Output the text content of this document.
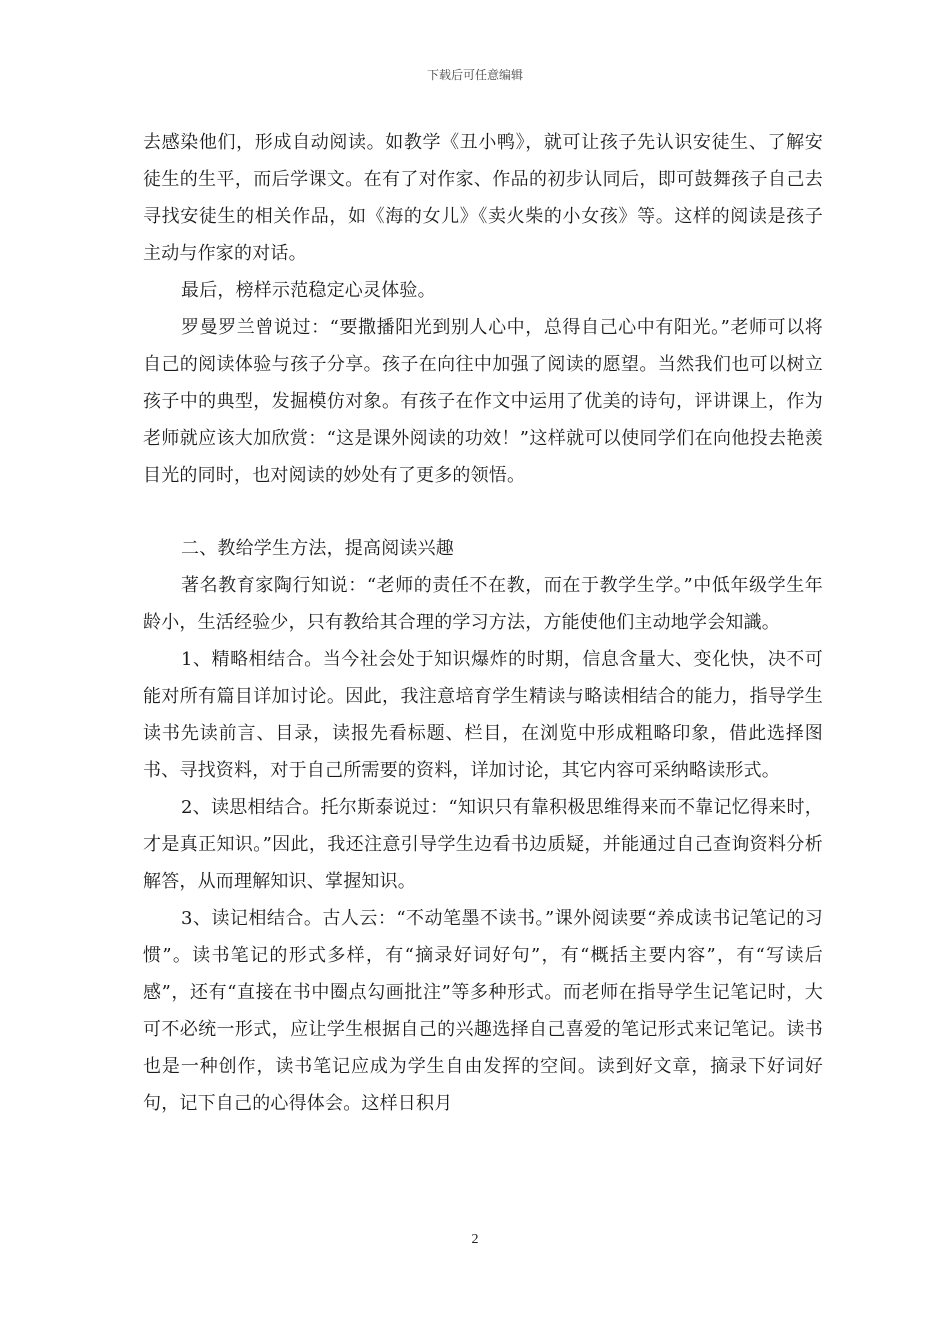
下载后可任意编辑

去感染他们，形成自动阅读。如教学《丑小鸭》，就可让孩子先认识安徒生、了解安徒生的生平，而后学课文。在有了对作家、作品的初步认同后，即可鼓舞孩子自己去寻找安徒生的相关作品，如《海的女儿》《卖火柴的小女孩》等。这样的阅读是孩子主动与作家的对话。

最后，榜样示范稳定心灵体验。

罗曼罗兰曾说过：“要撒播阳光到别人心中，总得自己心中有阳光。”老师可以将自己的阅读体验与孩子分享。孩子在向往中加强了阅读的愿望。当然我们也可以树立孩子中的典型，发掘模仿对象。有孩子在作文中运用了优美的诗句，评讲课上，作为老师就应该大加欣赏：“这是课外阅读的功效！”这样就可以使同学们在向他投去艳羡目光的同时，也对阅读的妙处有了更多的领悟。

二、教给学生方法，提高阅读兴趣

著名教育家陶行知说：“老师的责任不在教，而在于教学生学。”中低年级学生年龄小，生活经验少，只有教给其合理的学习方法，方能使他们主动地学会知識。

1、精略相结合。当今社会处于知识爆炸的时期，信息含量大、变化快，决不可能对所有篇目详加讨论。因此，我注意培育学生精读与略读相结合的能力，指导学生读书先读前言、目录，读报先看标题、栏目，在浏览中形成粗略印象，借此选择图书、寻找资料，对于自己所需要的资料，详加讨论，其它内容可采纳略读形式。

2、读思相结合。托尔斯泰说过：“知识只有靠积极思维得来而不靠记忆得来时，才是真正知识。”因此，我还注意引导学生边看书边质疑，并能通过自己查询资料分析解答，从而理解知识、掌握知识。

3、读记相结合。古人云：“不动笔墨不读书。”课外阅读要“养成读书记笔记的习惯”。读书笔记的形式多样，有“摘录好词好句”，有“概括主要内容”，有“写读后感”，还有“直接在书中圈点勾画批注”等多种形式。而老师在指导学生记笔记时，大可不必统一形式，应让学生根据自己的兴趣选择自己喜爱的笔记形式来记笔记。读书也是一种创作，读书笔记应成为学生自由发挥的空间。读到好文章，摘录下好词好句，记下自己的心得体会。这样日积月

2
